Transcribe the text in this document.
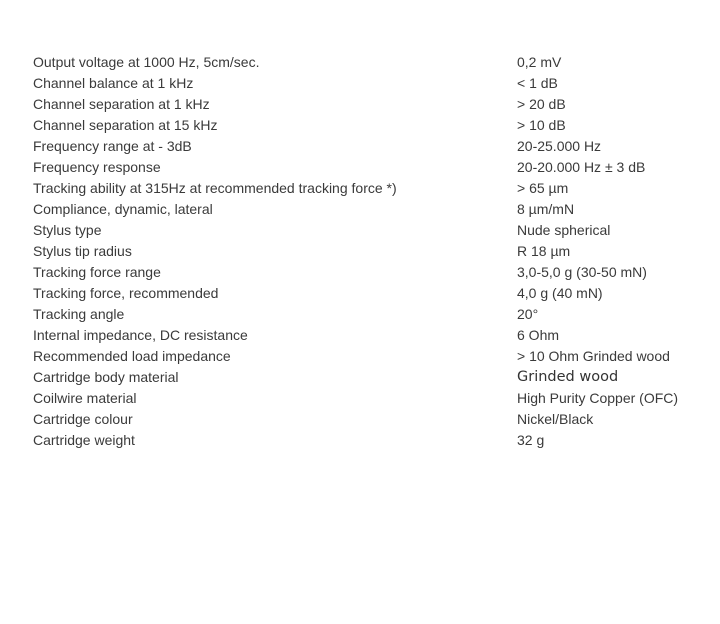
Output voltage at 1000 Hz, 5cm/sec.	0,2 mV
Channel balance at 1 kHz	< 1 dB
Channel separation at 1 kHz	> 20 dB
Channel separation at 15 kHz	> 10 dB
Frequency range at - 3dB	20-25.000 Hz
Frequency response	20-20.000 Hz ± 3 dB
Tracking ability at 315Hz at recommended tracking force *)	> 65 µm
Compliance, dynamic, lateral	8 µm/mN
Stylus type	Nude spherical
Stylus tip radius	R 18 µm
Tracking force range	3,0-5,0 g (30-50 mN)
Tracking force, recommended	4,0 g (40 mN)
Tracking angle	20°
Internal impedance, DC resistance	6 Ohm
Recommended load impedance	> 10 Ohm Grinded wood
Cartridge body material	Grinded wood
Coilwire material	High Purity Copper (OFC)
Cartridge colour	Nickel/Black
Cartridge weight	32 g
